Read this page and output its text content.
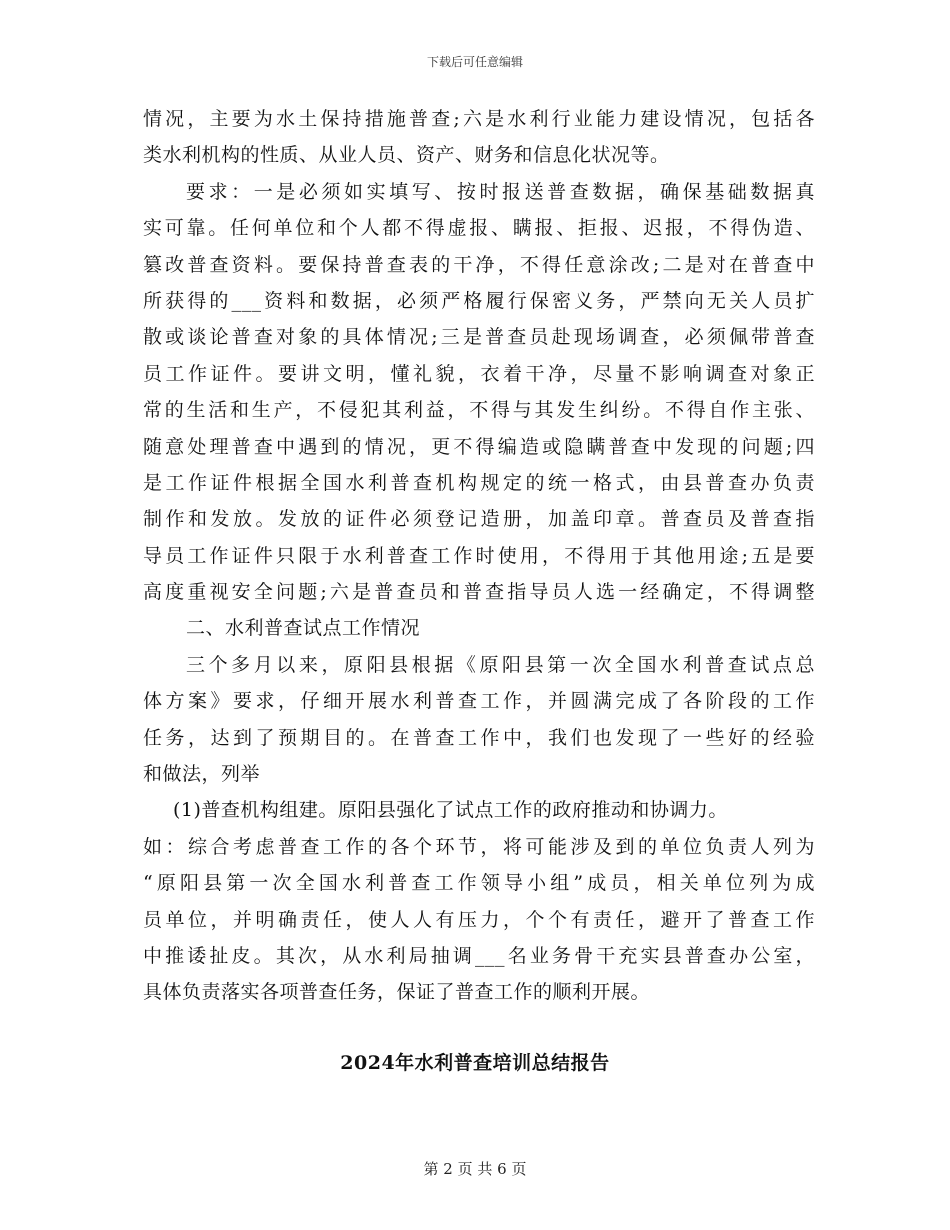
下载后可任意编辑
情况，主要为水土保持措施普查;六是水利行业能力建设情况，包括各
类水利机构的性质、从业人员、资产、财务和信息化状况等。
要求：一是必须如实填写、按时报送普查数据，确保基础数据真
实可靠。任何单位和个人都不得虚报、瞒报、拒报、迟报，不得伪造、
篡改普查资料。要保持普查表的干净，不得任意涂改;二是对在普查中
所获得的___资料和数据，必须严格履行保密义务，严禁向无关人员扩
散或谈论普查对象的具体情况;三是普查员赴现场调查，必须佩带普查
员工作证件。要讲文明，懂礼貌，衣着干净，尽量不影响调查对象正
常的生活和生产，不侵犯其利益，不得与其发生纠纷。不得自作主张、
随意处理普查中遇到的情况，更不得编造或隐瞒普查中发现的问题;四
是工作证件根据全国水利普查机构规定的统一格式，由县普查办负责
制作和发放。发放的证件必须登记造册，加盖印章。普查员及普查指
导员工作证件只限于水利普查工作时使用，不得用于其他用途;五是要
高度重视安全问题;六是普查员和普查指导员人选一经确定，不得调整
二、水利普查试点工作情况
三个多月以来，原阳县根据《原阳县第一次全国水利普查试点总
体方案》要求，仔细开展水利普查工作，并圆满完成了各阶段的工作
任务，达到了预期目的。在普查工作中，我们也发现了一些好的经验
和做法，列举
(1)普查机构组建。原阳县强化了试点工作的政府推动和协调力。
如：综合考虑普查工作的各个环节，将可能涉及到的单位负责人列为
“原阳县第一次全国水利普查工作领导小组”成员，相关单位列为成
员单位，并明确责任，使人人有压力，个个有责任，避开了普查工作
中推诿扯皮。其次，从水利局抽调___名业务骨干充实县普查办公室，
具体负责落实各项普查任务，保证了普查工作的顺利开展。
2024年水利普查培训总结报告
第 2 页 共 6 页
